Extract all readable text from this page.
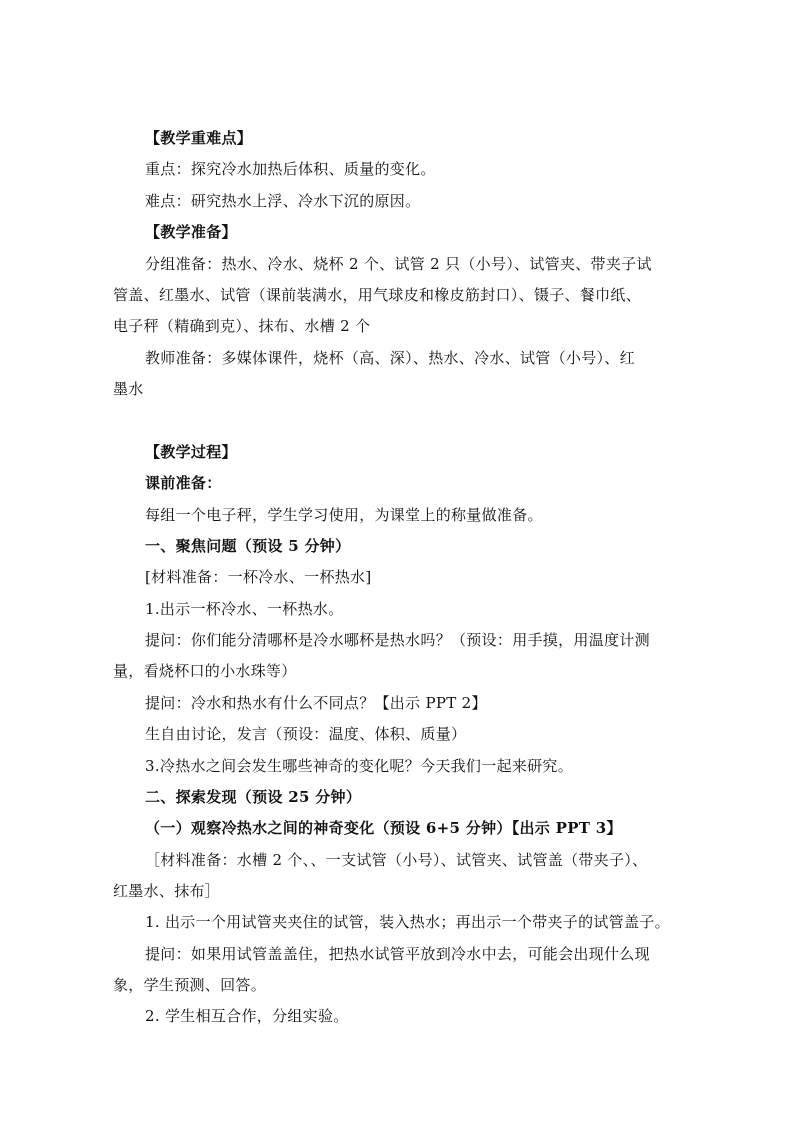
【教学重难点】
重点：探究冷水加热后体积、质量的变化。
难点：研究热水上浮、冷水下沉的原因。
【教学准备】
分组准备：热水、冷水、烧杯 2 个、试管 2 只（小号）、试管夹、带夹子试
管盖、红墨水、试管（课前装满水，用气球皮和橡皮筋封口）、镊子、餐巾纸、
电子秤（精确到克）、抹布、水槽 2 个
教师准备：多媒体课件，烧杯（高、深）、热水、冷水、试管（小号）、红
墨水
【教学过程】
课前准备：
每组一个电子秤，学生学习使用，为课堂上的称量做准备。
一、聚焦问题（预设 5 分钟）
[材料准备：一杯冷水、一杯热水]
1.出示一杯冷水、一杯热水。
提问：你们能分清哪杯是冷水哪杯是热水吗？（预设：用手摸，用温度计测
量，看烧杯口的小水珠等）
提问：冷水和热水有什么不同点？【出示 PPT 2】
生自由讨论，发言（预设：温度、体积、质量）
3.冷热水之间会发生哪些神奇的变化呢？今天我们一起来研究。
二、探索发现（预设 25 分钟）
（一）观察冷热水之间的神奇变化（预设 6+5 分钟）【出示 PPT 3】
［材料准备：水槽 2 个、、一支试管（小号）、试管夹、试管盖（带夹子）、
红墨水、抹布］
1. 出示一个用试管夹夹住的试管，装入热水；再出示一个带夹子的试管盖子。
提问：如果用试管盖盖住，把热水试管平放到冷水中去，可能会出现什么现
象，学生预测、回答。
2. 学生相互合作，分组实验。
